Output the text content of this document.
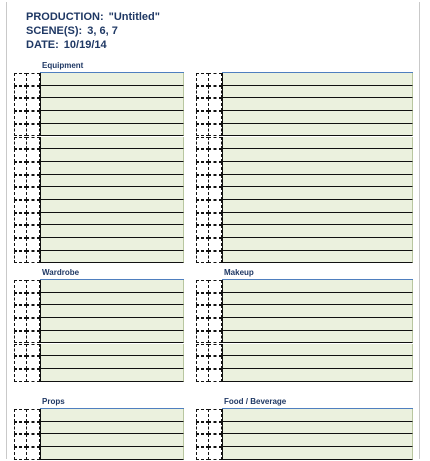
PRODUCTION: "Untitled"
SCENE(S): 3, 6, 7
DATE: 10/19/14
Equipment
Wardrobe	Makeup
Props	Food / Beverage
